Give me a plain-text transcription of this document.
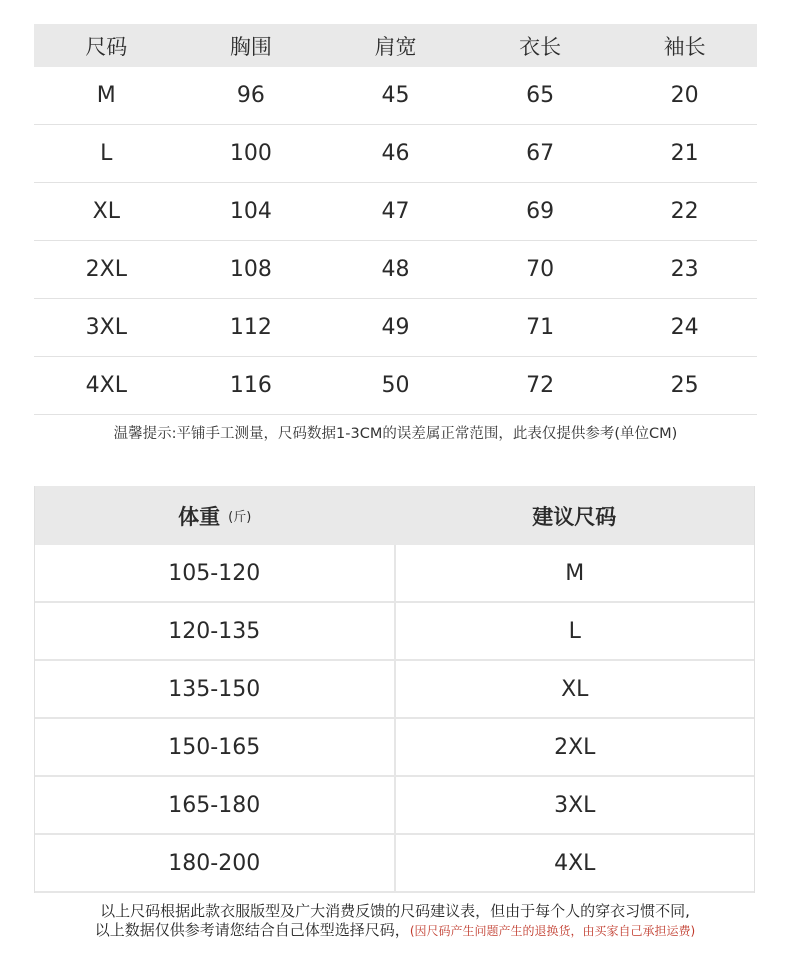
尺码	胸围	肩宽	衣长	袖长
M	96	45	65	20
L	100	46	67	21
XL	104	47	69	22
2XL	108	48	70	23
3XL	112	49	71	24
4XL	116	50	72	25
温馨提示:平铺手工测量，尺码数据1-3CM的误差属正常范围，此表仅提供参考(单位CM)
体重 (斤)	建议尺码
105-120	M
120-135	L
135-150	XL
150-165	2XL
165-180	3XL
180-200	4XL
以上尺码根据此款衣服版型及广大消费反馈的尺码建议表，但由于每个人的穿衣习惯不同,
以上数据仅供参考请您结合自己体型选择尺码，(因尺码产生问题产生的退换货，由买家自己承担运费)
